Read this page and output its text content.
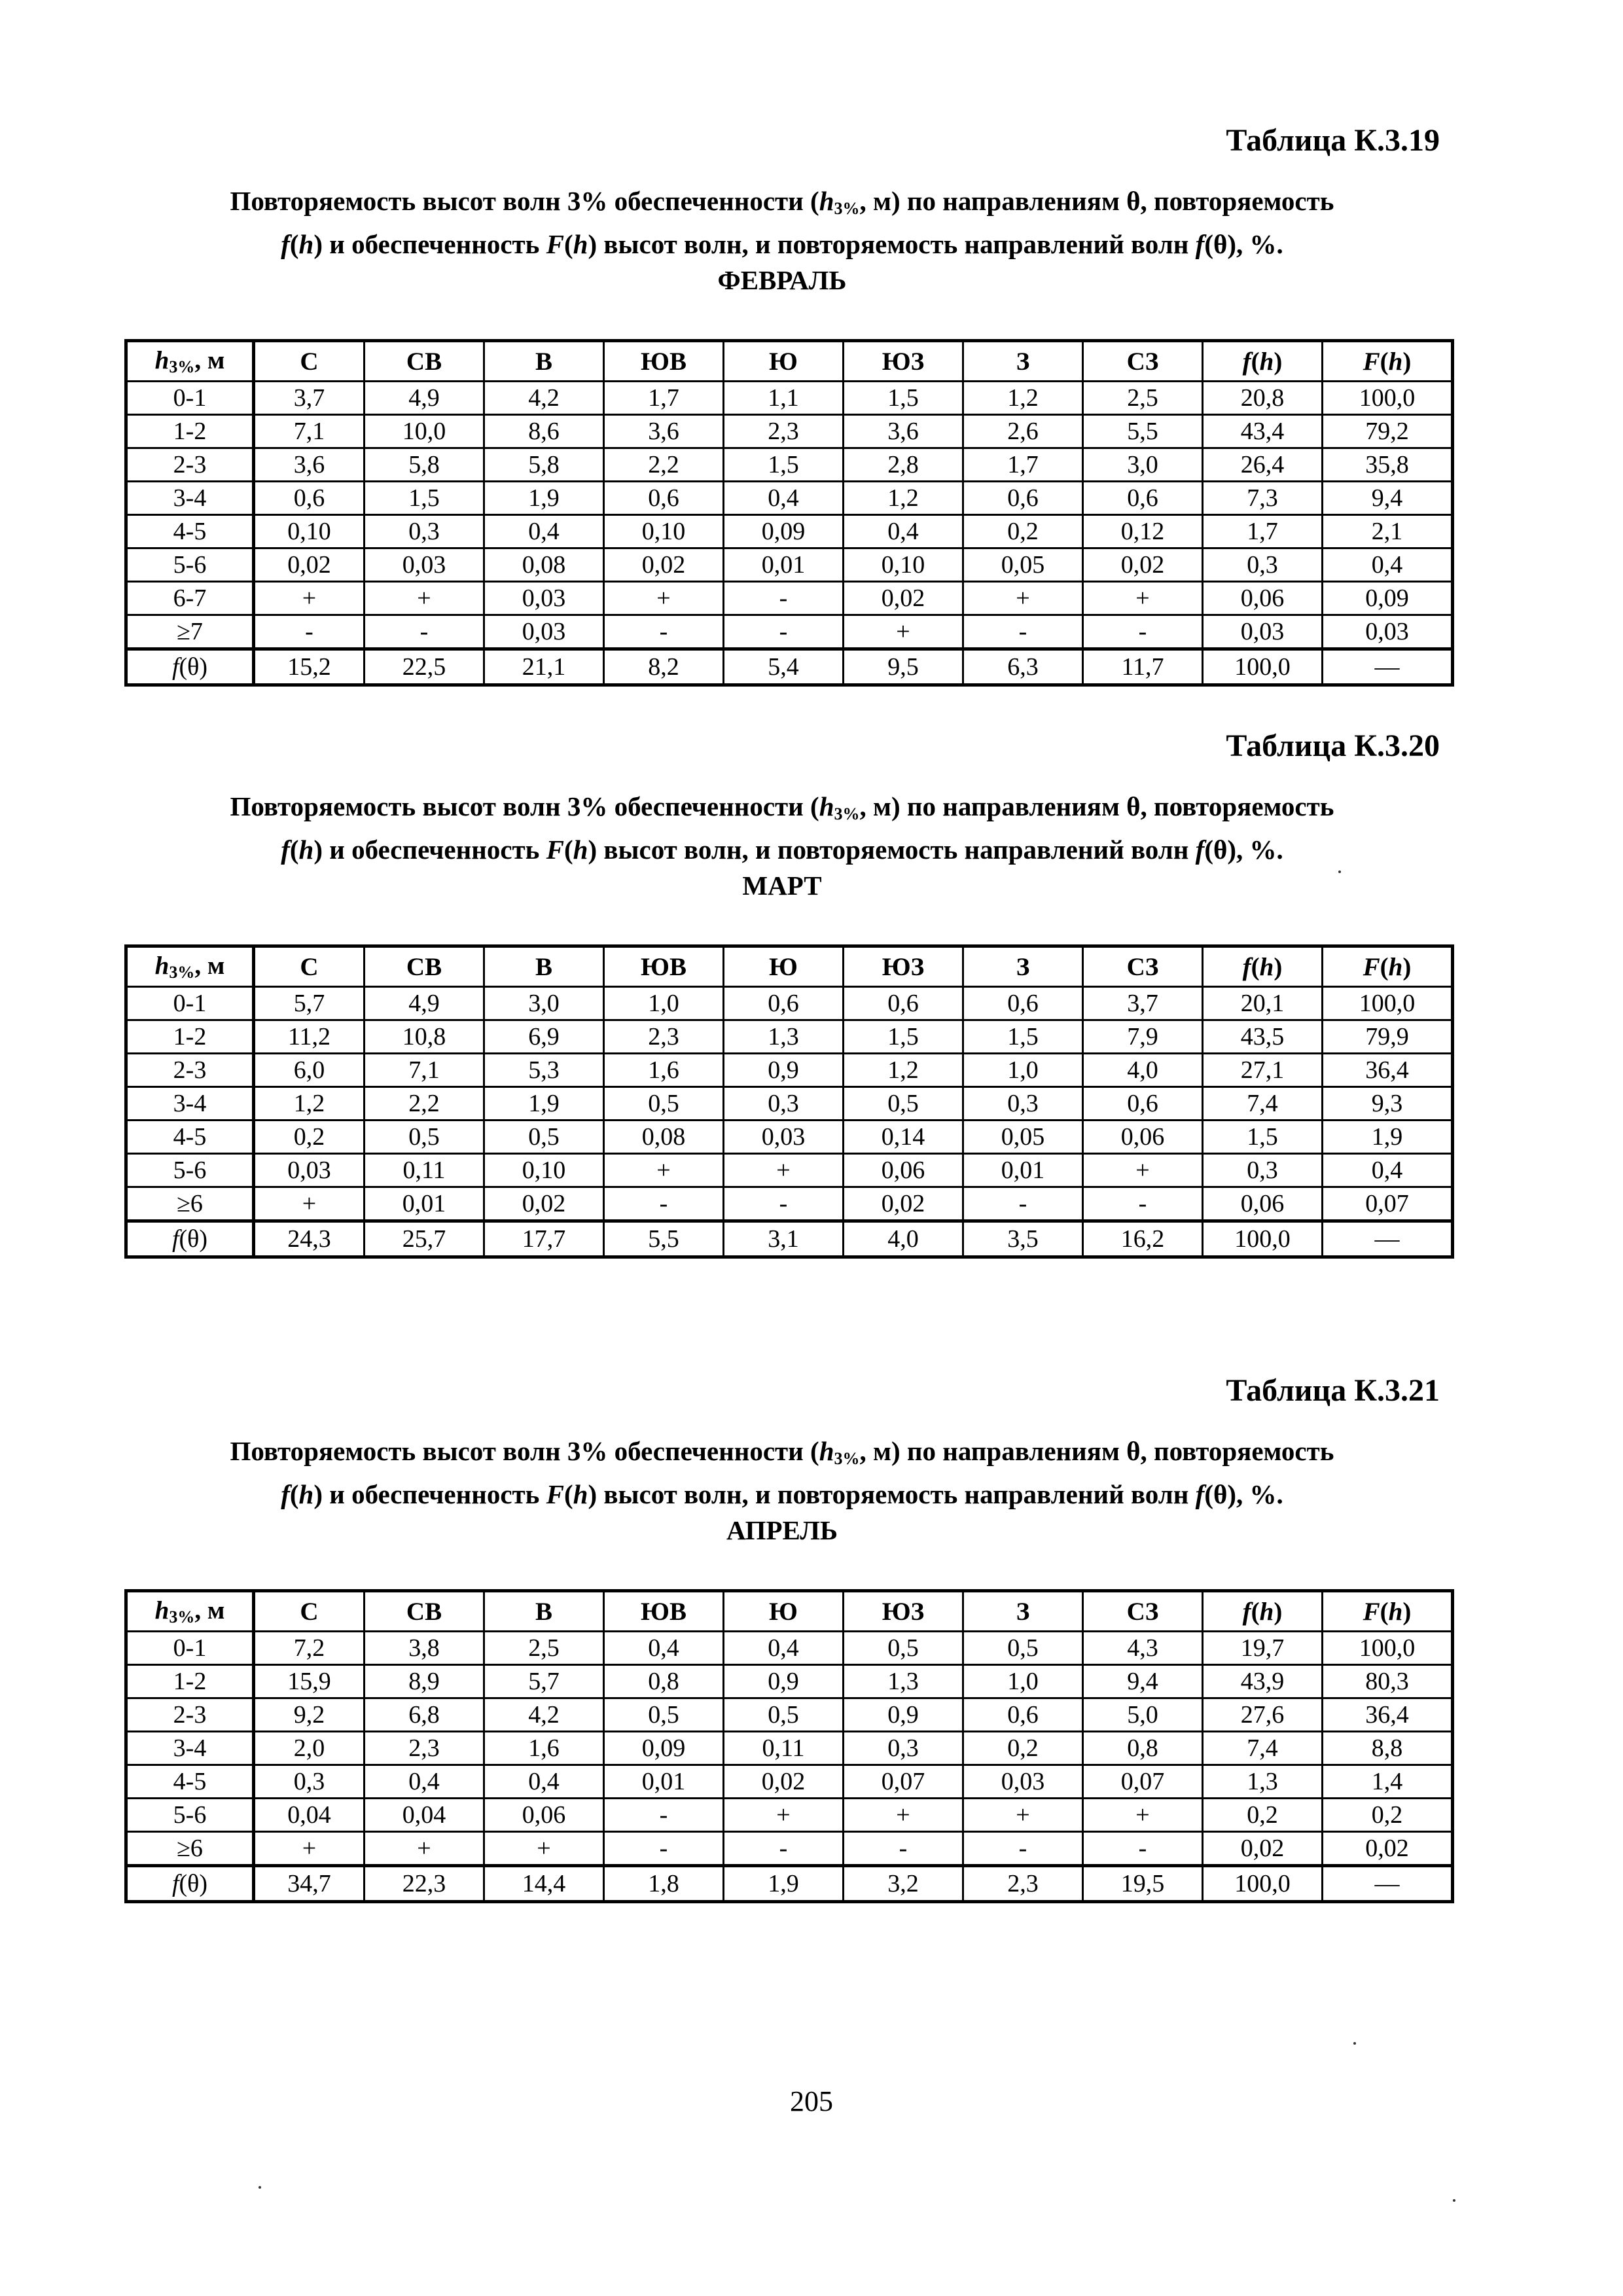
Таблица К.3.19
Повторяемость высот волн 3% обеспеченности ($h_{3\%}$, м) по направлениям θ, повторяемость
f(h) и обеспеченность F(h) высот волн, и повторяемость направлений волн f(θ), %.
ФЕВРАЛЬ
$h_{3\%}$, м	С	СВ	В	ЮВ	Ю	ЮЗ	З	СЗ	f(h)	F(h)
0-1	3,7	4,9	4,2	1,7	1,1	1,5	1,2	2,5	20,8	100,0
1-2	7,1	10,0	8,6	3,6	2,3	3,6	2,6	5,5	43,4	79,2
2-3	3,6	5,8	5,8	2,2	1,5	2,8	1,7	3,0	26,4	35,8
3-4	0,6	1,5	1,9	0,6	0,4	1,2	0,6	0,6	7,3	9,4
4-5	0,10	0,3	0,4	0,10	0,09	0,4	0,2	0,12	1,7	2,1
5-6	0,02	0,03	0,08	0,02	0,01	0,10	0,05	0,02	0,3	0,4
6-7	+	+	0,03	+	-	0,02	+	+	0,06	0,09
≥7	-	-	0,03	-	-	+	-	-	0,03	0,03
f(θ)	15,2	22,5	21,1	8,2	5,4	9,5	6,3	11,7	100,0	—
Таблица К.3.20
Повторяемость высот волн 3% обеспеченности ($h_{3\%}$, м) по направлениям θ, повторяемость
f(h) и обеспеченность F(h) высот волн, и повторяемость направлений волн f(θ), %.
МАРТ
$h_{3\%}$, м	С	СВ	В	ЮВ	Ю	ЮЗ	З	СЗ	f(h)	F(h)
0-1	5,7	4,9	3,0	1,0	0,6	0,6	0,6	3,7	20,1	100,0
1-2	11,2	10,8	6,9	2,3	1,3	1,5	1,5	7,9	43,5	79,9
2-3	6,0	7,1	5,3	1,6	0,9	1,2	1,0	4,0	27,1	36,4
3-4	1,2	2,2	1,9	0,5	0,3	0,5	0,3	0,6	7,4	9,3
4-5	0,2	0,5	0,5	0,08	0,03	0,14	0,05	0,06	1,5	1,9
5-6	0,03	0,11	0,10	+	+	0,06	0,01	+	0,3	0,4
≥6	+	0,01	0,02	-	-	0,02	-	-	0,06	0,07
f(θ)	24,3	25,7	17,7	5,5	3,1	4,0	3,5	16,2	100,0	—
Таблица К.3.21
Повторяемость высот волн 3% обеспеченности ($h_{3\%}$, м) по направлениям θ, повторяемость
f(h) и обеспеченность F(h) высот волн, и повторяемость направлений волн f(θ), %.
АПРЕЛЬ
$h_{3\%}$, м	С	СВ	В	ЮВ	Ю	ЮЗ	З	СЗ	f(h)	F(h)
0-1	7,2	3,8	2,5	0,4	0,4	0,5	0,5	4,3	19,7	100,0
1-2	15,9	8,9	5,7	0,8	0,9	1,3	1,0	9,4	43,9	80,3
2-3	9,2	6,8	4,2	0,5	0,5	0,9	0,6	5,0	27,6	36,4
3-4	2,0	2,3	1,6	0,09	0,11	0,3	0,2	0,8	7,4	8,8
4-5	0,3	0,4	0,4	0,01	0,02	0,07	0,03	0,07	1,3	1,4
5-6	0,04	0,04	0,06	-	+	+	+	+	0,2	0,2
≥6	+	+	+	-	-	-	-	-	0,02	0,02
f(θ)	34,7	22,3	14,4	1,8	1,9	3,2	2,3	19,5	100,0	—
205
